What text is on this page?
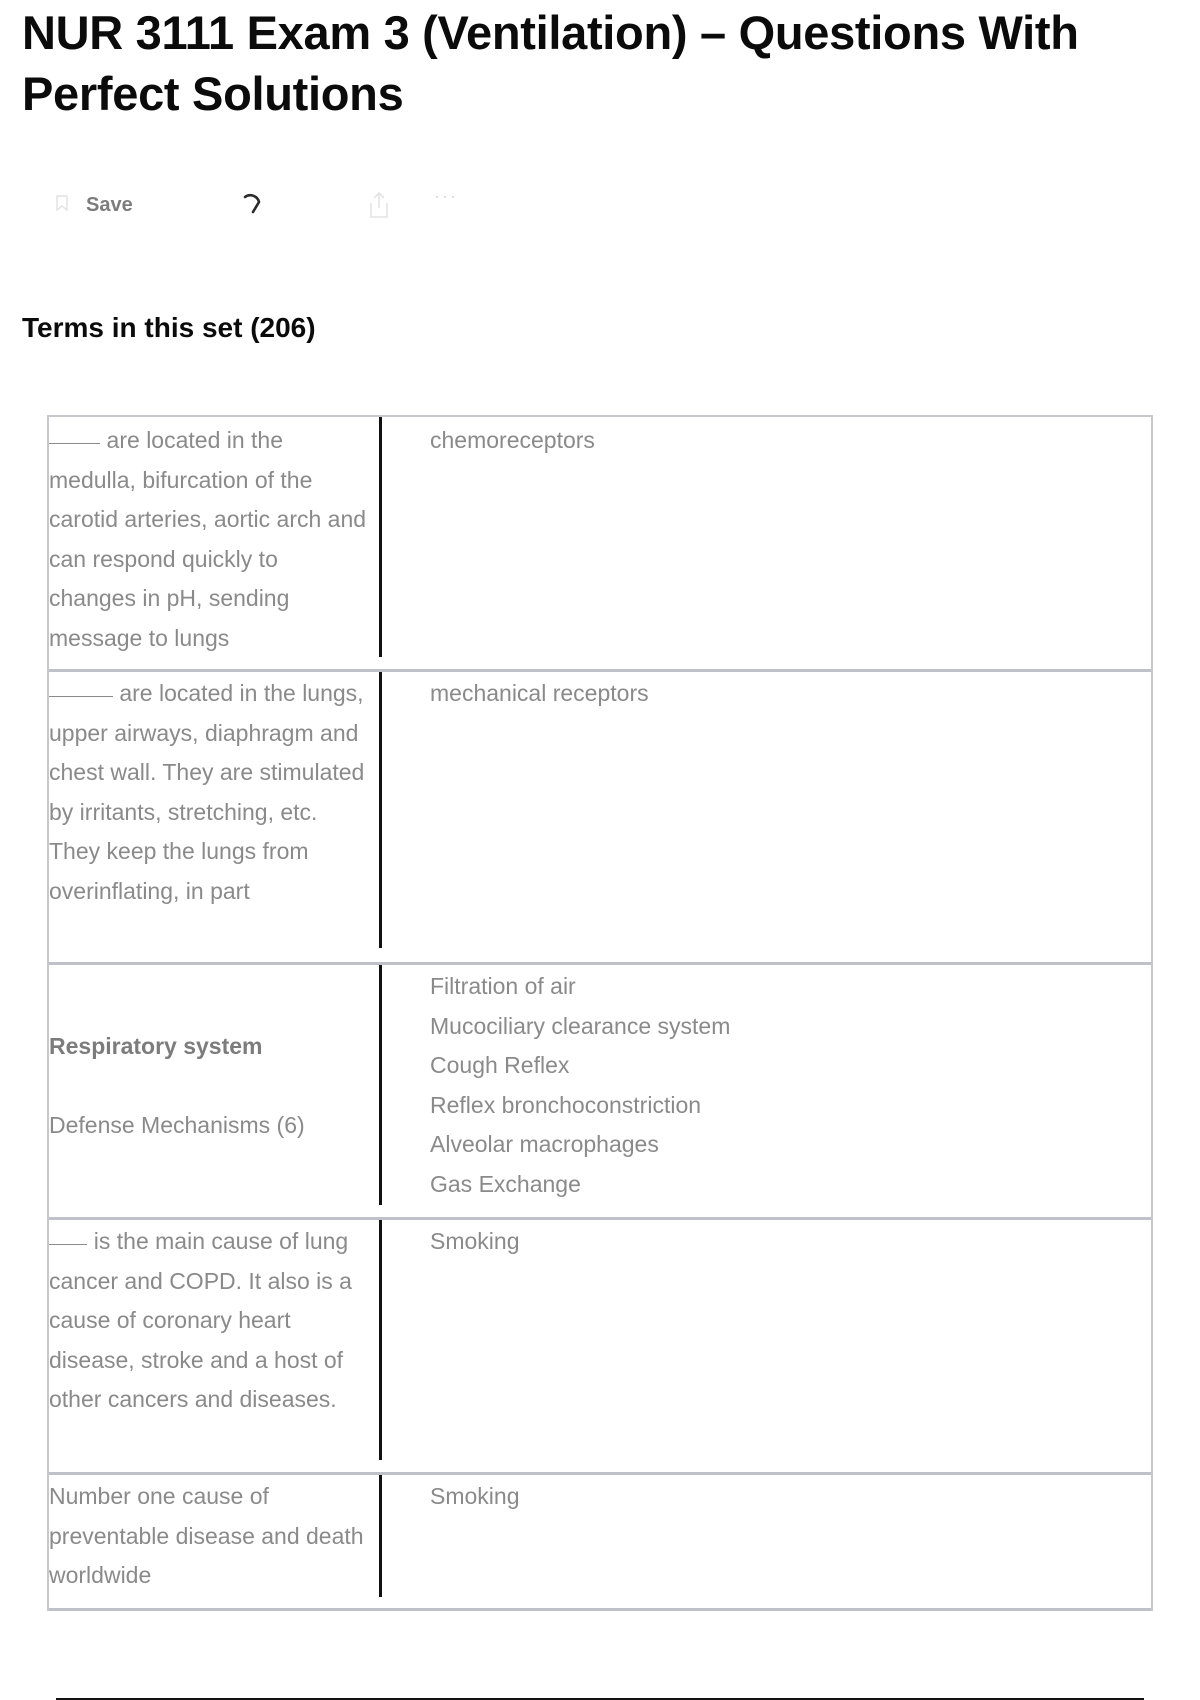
NUR 3111 Exam 3 (Ventilation) – Questions With Perfect Solutions
Save	···
Terms in this set (206)
are located in the medulla, bifurcation of the carotid arteries, aortic arch and can respond quickly to changes in pH, sending message to lungs
chemoreceptors
are located in the lungs, upper airways, diaphragm and chest wall. They are stimulated by irritants, stretching, etc. They keep the lungs from overinflating, in part
mechanical receptors
Respiratory system

Defense Mechanisms (6)
Filtration of air
Mucociliary clearance system
Cough Reflex
Reflex bronchoconstriction
Alveolar macrophages
Gas Exchange
is the main cause of lung cancer and COPD. It also is a cause of coronary heart disease, stroke and a host of other cancers and diseases.
Smoking
Number one cause of preventable disease and death worldwide
Smoking
